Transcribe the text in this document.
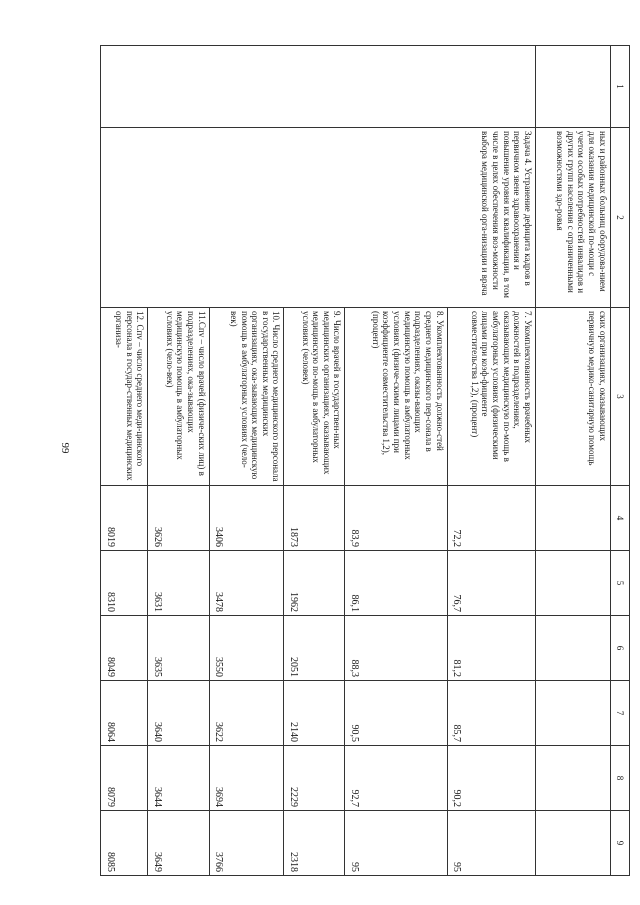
99
1	2	3	4	5	6	7	8	9
	ных и районных больниц оборудова-нием для оказания медицинской по-мощи с учетом особых потребностей инвалидов и других групп населения с ограниченными возможностями здо-ровья	ских организациях, оказывающих первичную медико-санитарную помощь						
	Задача 4. Устранение дефицита кадров в первичном звене здравоохранения и повышение уровня их квалификации, в том числе в целях обеспечения воз-можности выбора медицинской орга-низации и врача	7. Укомплектованность врачебных должностей в подразделениях, оказывающих медицинскую по-мощь в амбулаторных условиях (физическими лицами при коэф-фициенте совместительства 1,2), (процент)	72,2	76,7	81,2	85,7	90,2	95
		8. Укомплектованность должно-стей среднего медицинского пер-сонала в подразделениях, оказы-вающих медицинскую помощь в амбулаторных условиях (физиче-скими лицами при коэффициенте совместительства 1,2), (процент)	83,9	86,1	88,3	90,5	92,7	95
		9. Число врачей в государствен-ных медицинских организациях, оказывающих медицинскую по-мощь в амбулаторных условиях (человек)	1873	1962	2051	2140	2229	2318
		10. Число среднего медицинского персонала в государственных медицинских организациях, ока-зывающих медицинскую помощь в амбулаторных условиях (чело-век)	3406	3478	3550	3622	3694	3766
		11.Спv – число врачей (физиче-ских лиц) в подразделениях, ока-зывающих медицинскую помощь в амбулаторных условиях (чело-век)	3626	3631	3635	3640	3644	3649
		12. Спv – число среднего меди-цинского персонала в государ-ственных медицинских организа-	8019	8310	8049	8064	8079	8085
